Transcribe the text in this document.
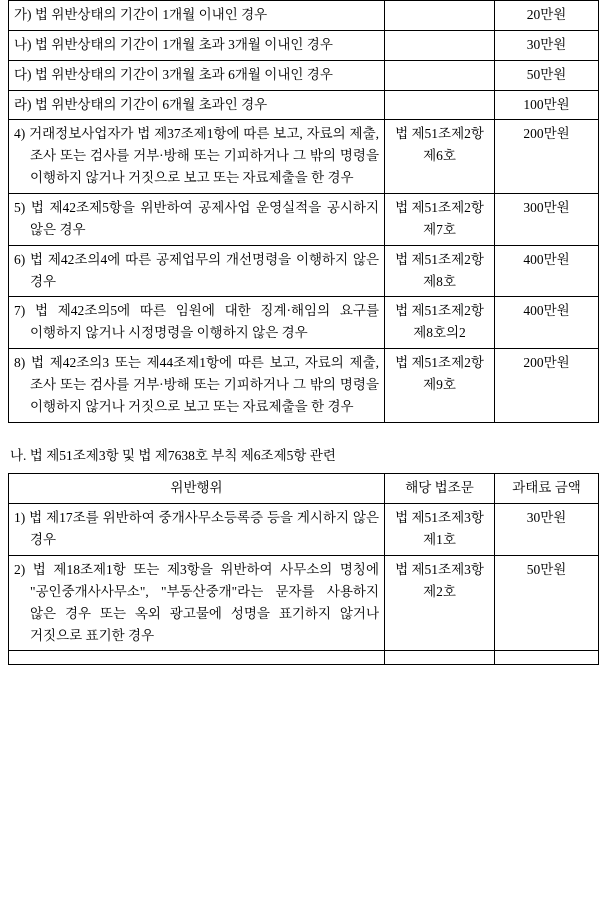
가) 법 위반상태의 기간이 1개월 이내인 경우		20만원

나) 법 위반상태의 기간이 1개월 초과 3개월 이내인 경우		30만원

다) 법 위반상태의 기간이 3개월 초과 6개월 이내인 경우		50만원

라) 법 위반상태의 기간이 6개월 초과인 경우		100만원

4) 거래정보사업자가 법 제37조제1항에 따른 보고, 자료의 제출, 조사 또는 검사를 거부·방해 또는 기피하거나 그 밖의 명령을 이행하지 않거나 거짓으로 보고 또는 자료제출을 한 경우	법 제51조제2항 제6호	200만원

5) 법 제42조제5항을 위반하여 공제사업 운영실적을 공시하지 않은 경우	법 제51조제2항 제7호	300만원

6) 법 제42조의4에 따른 공제업무의 개선명령을 이행하지 않은 경우	법 제51조제2항 제8호	400만원

7) 법 제42조의5에 따른 임원에 대한 징계·해임의 요구를 이행하지 않거나 시정명령을 이행하지 않은 경우	법 제51조제2항 제8호의2	400만원

8) 법 제42조의3 또는 제44조제1항에 따른 보고, 자료의 제출, 조사 또는 검사를 거부·방해 또는 기피하거나 그 밖의 명령을 이행하지 않거나 거짓으로 보고 또는 자료제출을 한 경우	법 제51조제2항 제9호	200만원
나. 법 제51조제3항 및 법 제7638호 부칙 제6조제5항 관련
위반행위	해당 법조문	과태료 금액

1) 법 제17조를 위반하여 중개사무소등록증 등을 게시하지 않은 경우	법 제51조제3항 제1호	30만원

2) 법 제18조제1항 또는 제3항을 위반하여 사무소의 명칭에 "공인중개사사무소", "부동산중개"라는 문자를 사용하지 않은 경우 또는 옥외 광고물에 성명을 표기하지 않거나 거짓으로 표기한 경우	법 제51조제3항 제2호	50만원
